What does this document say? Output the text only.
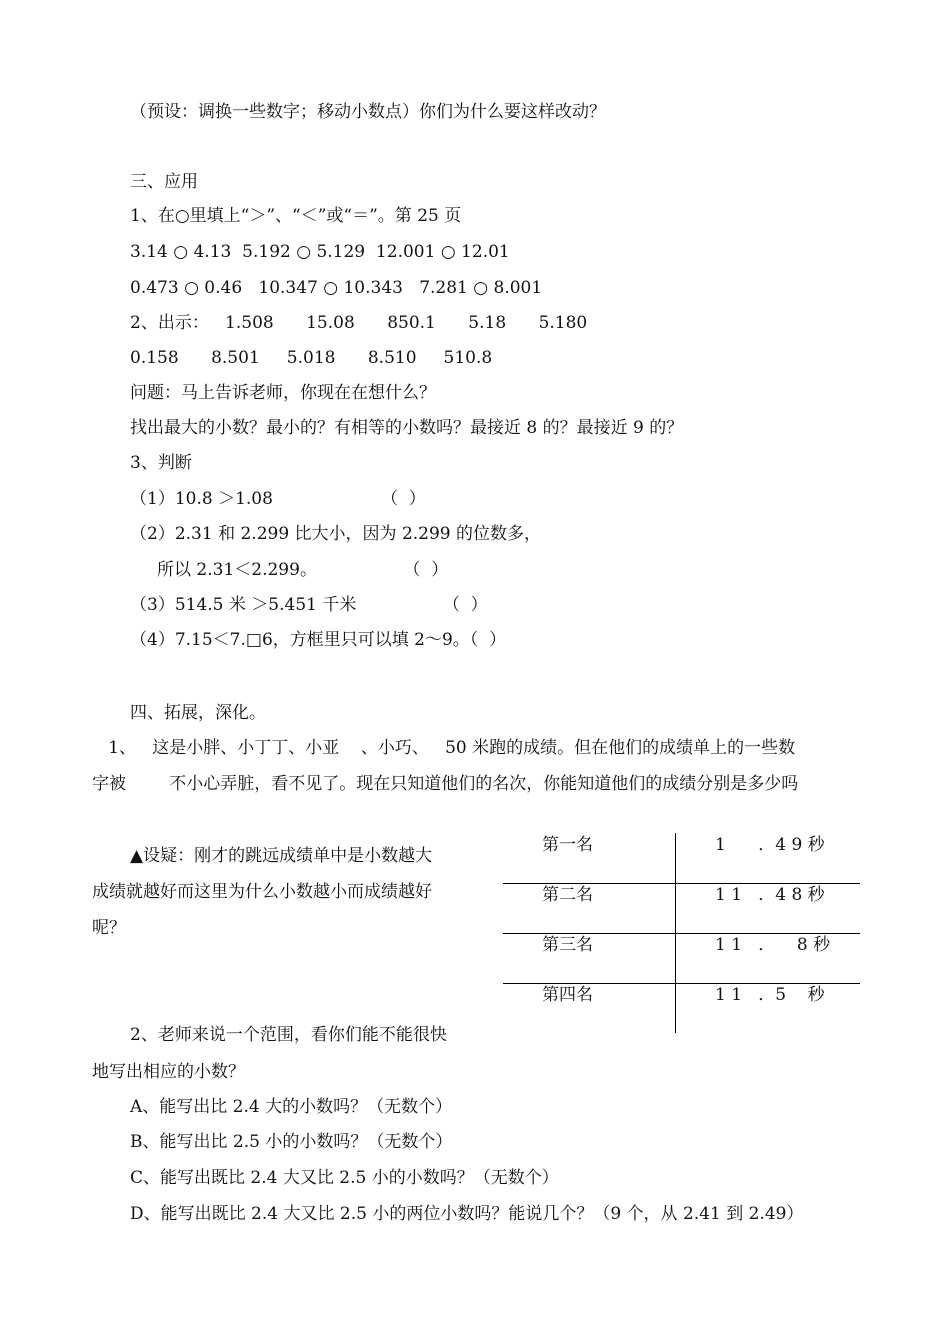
（预设：调换一些数字；移动小数点）你们为什么要这样改动？
三、应用
1、在○里填上“＞”、“＜”或“＝”。第 25 页
3.14 ○ 4.13  5.192 ○ 5.129  12.001 ○ 12.01
0.473 ○ 0.46   10.347 ○ 10.343   7.281 ○ 8.001
2、出示：   1.508      15.08      850.1      5.18      5.180
0.158      8.501     5.018      8.510     510.8
问题：马上告诉老师，你现在在想什么？
找出最大的小数？最小的？有相等的小数吗？最接近 8 的？最接近 9 的？
3、判断
（1）10.8 ＞1.08                    （  ）
（2）2.31 和 2.299 比大小，因为 2.299 的位数多，
所以 2.31＜2.299。                （  ）
（3）514.5 米 ＞5.451 千米                （  ）
（4）7.15＜7.□6，方框里只可以填 2～9。（  ）
四、拓展，深化。
1、   这是小胖、小丁丁、小亚    、小巧、   50 米跑的成绩。但在他们的成绩单上的一些数
字被        不小心弄脏，看不见了。现在只知道他们的名次，你能知道他们的成绩分别是多少吗
▲设疑：刚才的跳远成绩单中是小数越大
成绩就越好而这里为什么小数越小而成绩越好
呢？
第一名	1      ．4 9 秒
第二名	1 1   ．4 8 秒
第三名	1 1   ．    8 秒
第四名	1 1   ．5    秒
2、老师来说一个范围，看你们能不能很快
地写出相应的小数？
A、能写出比 2.4 大的小数吗？（无数个）
B、能写出比 2.5 小的小数吗？（无数个）
C、能写出既比 2.4 大又比 2.5 小的小数吗？（无数个）
D、能写出既比 2.4 大又比 2.5 小的两位小数吗？能说几个？（9 个，从 2.41 到 2.49）
